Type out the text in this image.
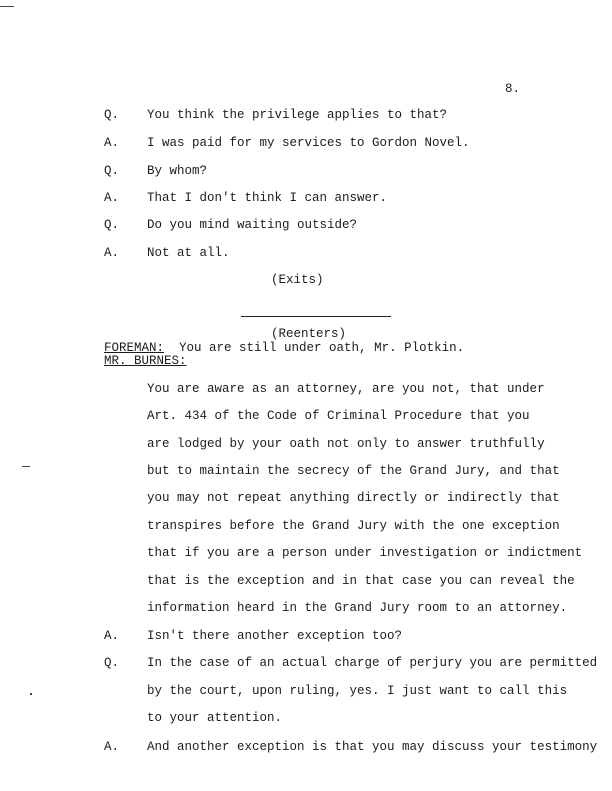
8.
Q. You think the privilege applies to that?
A. I was paid for my services to Gordon Novel.
Q. By whom?
A. That I don't think I can answer.
Q. Do you mind waiting outside?
A. Not at all.
(Exits)
(Reenters)
FOREMAN: You are still under oath, Mr. Plotkin.
MR. BURNES:
You are aware as an attorney, are you not, that under
Art. 434 of the Code of Criminal Procedure that you
are lodged by your oath not only to answer truthfully
but to maintain the secrecy of the Grand Jury, and that
you may not repeat anything directly or indirectly that
transpires before the Grand Jury with the one exception
that if you are a person under investigation or indictment
that is the exception and in that case you can reveal the
information heard in the Grand Jury room to an attorney.
A. Isn't there another exception too?
Q. In the case of an actual charge of perjury you are permitted
by the court, upon ruling, yes. I just want to call this
to your attention.
A. And another exception is that you may discuss your testimony
